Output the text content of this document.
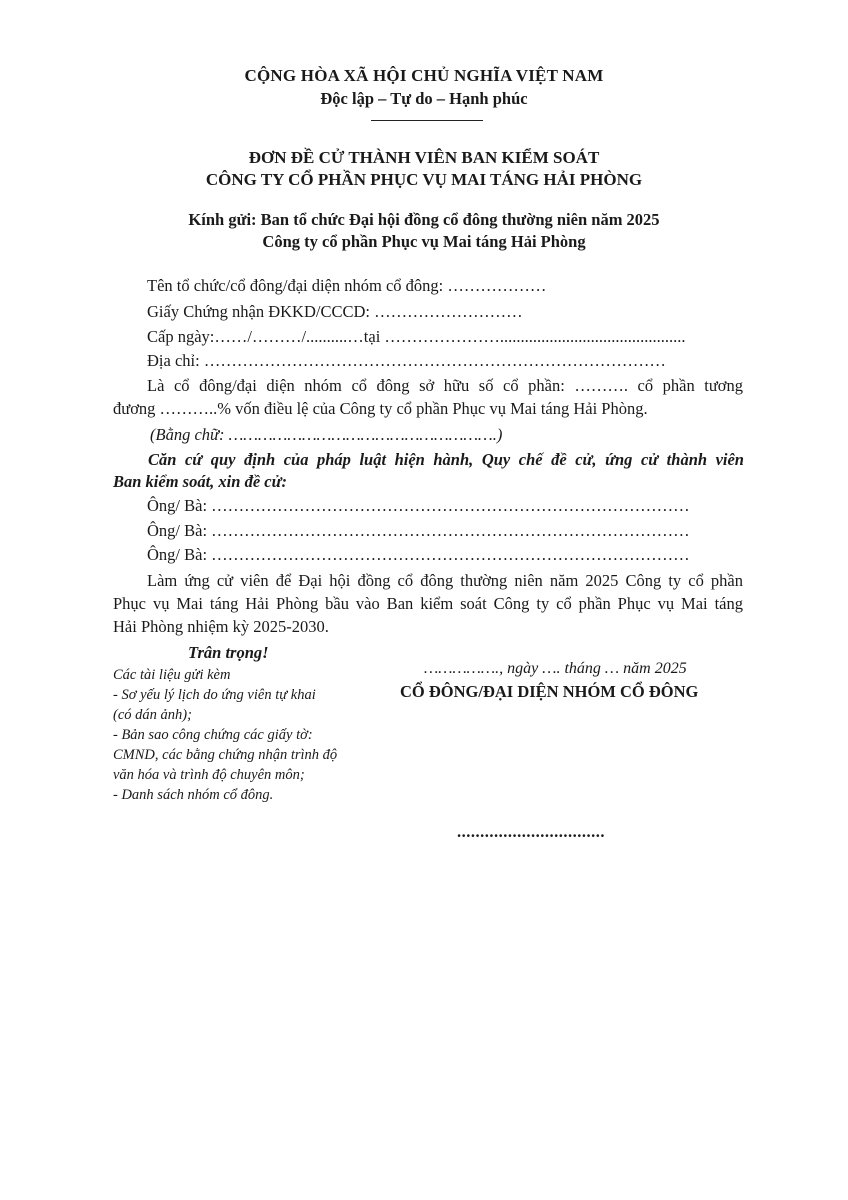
CỘNG HÒA XÃ HỘI CHỦ NGHĨA VIỆT NAM
Độc lập – Tự do – Hạnh phúc
ĐƠN ĐỀ CỬ THÀNH VIÊN BAN KIỂM SOÁT
CÔNG TY CỔ PHẦN PHỤC VỤ MAI TÁNG HẢI PHÒNG
Kính gửi: Ban tổ chức Đại hội đồng cổ đông thường niên năm 2025
Công ty cổ phần Phục vụ Mai táng Hải Phòng
Tên tổ chức/cổ đông/đại diện nhóm cổ đông: ………………
Giấy Chứng nhận ĐKKD/CCCD: ………………………
Cấp ngày:……/………/..........…tại ………………….............................................
Địa chỉ: …………………………………………………………………………
Là cổ đông/đại diện nhóm cổ đông sở hữu số cổ phần: ………. cổ phần tương
đương ………..% vốn điều lệ của Công ty cổ phần Phục vụ Mai táng Hải Phòng.
(Bằng chữ: ……………………………………………….)
Căn cứ quy định của pháp luật hiện hành, Quy chế đề cử, ứng cử thành viên
Ban kiểm soát, xin đề cử:
Ông/ Bà: ……………………………………………………………………………
Ông/ Bà: ……………………………………………………………………………
Ông/ Bà: ……………………………………………………………………………
Làm ứng cử viên để Đại hội đồng cổ đông thường niên năm 2025 Công ty cổ phần
Phục vụ Mai táng Hải Phòng bầu vào Ban kiểm soát Công ty cổ phần Phục vụ Mai táng
Hải Phòng nhiệm kỳ 2025-2030.
Trân trọng!
Các tài liệu gửi kèm
- Sơ yếu lý lịch do ứng viên tự khai
(có dán ảnh);
- Bản sao công chứng các giấy tờ:
CMND, các bằng chứng nhận trình độ
văn hóa và trình độ chuyên môn;
- Danh sách nhóm cổ đông.
……………., ngày …. tháng … năm 2025
CỔ ĐÔNG/ĐẠI DIỆN NHÓM CỔ ĐÔNG
................................
